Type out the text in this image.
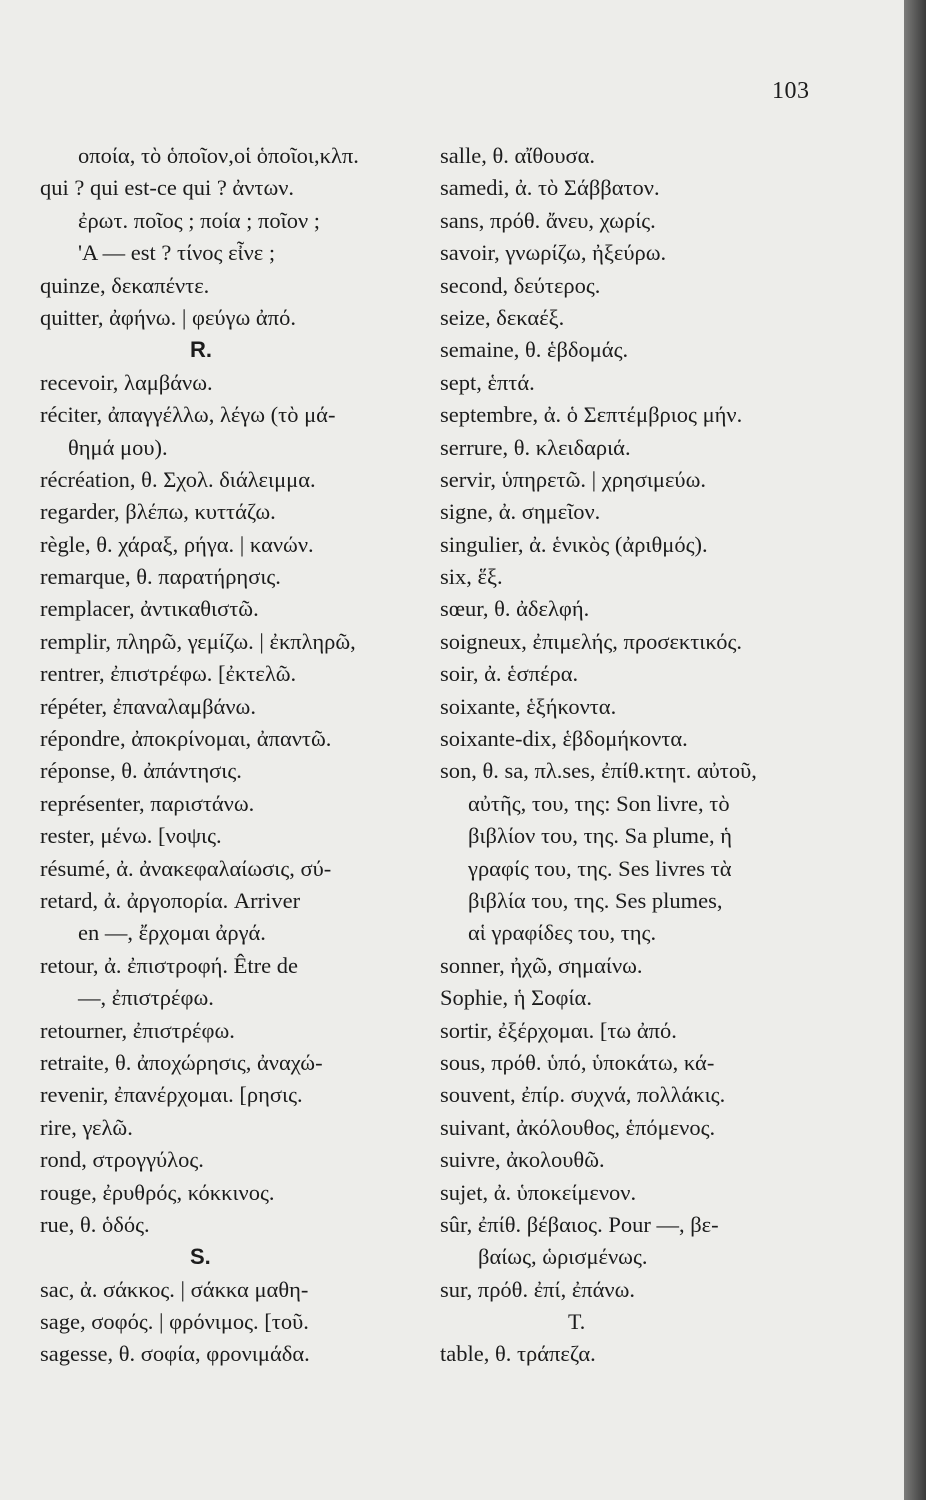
103
οποία, τὸ ὁποῖον,οἱ ὁποῖοι,κλπ.
qui ? qui est-ce qui ? ἀντων.
ἐρωτ. ποῖος ; ποία ; ποῖον ;
'A — est ? τίνος εἶνε ;
quinze, δεκαπέντε.
quitter, ἀφήνω. | φεύγω ἀπό.
R.
recevoir, λαμβάνω.
réciter, ἀπαγγέλλω, λέγω (τὸ μά-
θημά μου).
récréation, θ. Σχολ. διάλειμμα.
regarder, βλέπω, κυττάζω.
règle, θ. χάραξ, ρήγα. | κανών.
remarque, θ. παρατήρησις.
remplacer, ἀντικαθιστῶ.
remplir, πληρῶ, γεμίζω. | ἐκπληρῶ,
rentrer, ἐπιστρέφω. [ἐκτελῶ.
répéter, ἐπαναλαμβάνω.
répondre, ἀποκρίνομαι, ἀπαντῶ.
réponse, θ. ἀπάντησις.
représenter, παριστάνω.
rester, μένω. [νοψις.
résumé, ἀ. ἀνακεφαλαίωσις, σύ-
retard, ἀ. ἀργοπορία. Arriver
en —, ἔρχομαι ἀργά.
retour, ἀ. ἐπιστροφή. Être de
—, ἐπιστρέφω.
retourner, ἐπιστρέφω.
retraite, θ. ἀποχώρησις, ἀναχώ-
revenir, ἐπανέρχομαι. [ρησις.
rire, γελῶ.
rond, στρογγύλος.
rouge, ἐρυθρός, κόκκινος.
rue, θ. ὁδός.
S.
sac, ἀ. σάκκος. | σάκκα μαθη-
sage, σοφός. | φρόνιμος. [τοῦ.
sagesse, θ. σοφία, φρονιμάδα.
salle, θ. αἴθουσα.
samedi, ἀ. τὸ Σάββατον.
sans, πρόθ. ἄνευ, χωρίς.
savoir, γνωρίζω, ἠξεύρω.
second, δεύτερος.
seize, δεκαέξ.
semaine, θ. ἑβδομάς.
sept, ἑπτά.
septembre, ἀ. ὁ Σεπτέμβριος μήν.
serrure, θ. κλειδαριά.
servir, ὑπηρετῶ. | χρησιμεύω.
signe, ἀ. σημεῖον.
singulier, ἀ. ἑνικὸς (ἀριθμός).
six, ἕξ.
sœur, θ. ἀδελφή.
soigneux, ἐπιμελής, προσεκτικός.
soir, ἀ. ἑσπέρα.
soixante, ἑξήκοντα.
soixante-dix, ἑβδομήκοντα.
son, θ. sa, πλ.ses, ἐπίθ.κτητ. αὐτοῦ,
αὐτῆς, του, της: Son livre, τὸ
βιβλίον του, της. Sa plume, ἡ
γραφίς του, της. Ses livres τὰ
βιβλία του, της. Ses plumes,
αἱ γραφίδες του, της.
sonner, ἠχῶ, σημαίνω.
Sophie, ἡ Σοφία.
sortir, ἐξέρχομαι. [τω ἀπό.
sous, πρόθ. ὑπό, ὑποκάτω, κά-
souvent, ἐπίρ. συχνά, πολλάκις.
suivant, ἀκόλουθος, ἑπόμενος.
suivre, ἀκολουθῶ.
sujet, ἀ. ὑποκείμενον.
sûr, ἐπίθ. βέβαιος. Pour —, βε-
βαίως, ὡρισμένως.
sur, πρόθ. ἐπί, ἐπάνω.
T.
table, θ. τράπεζα.
